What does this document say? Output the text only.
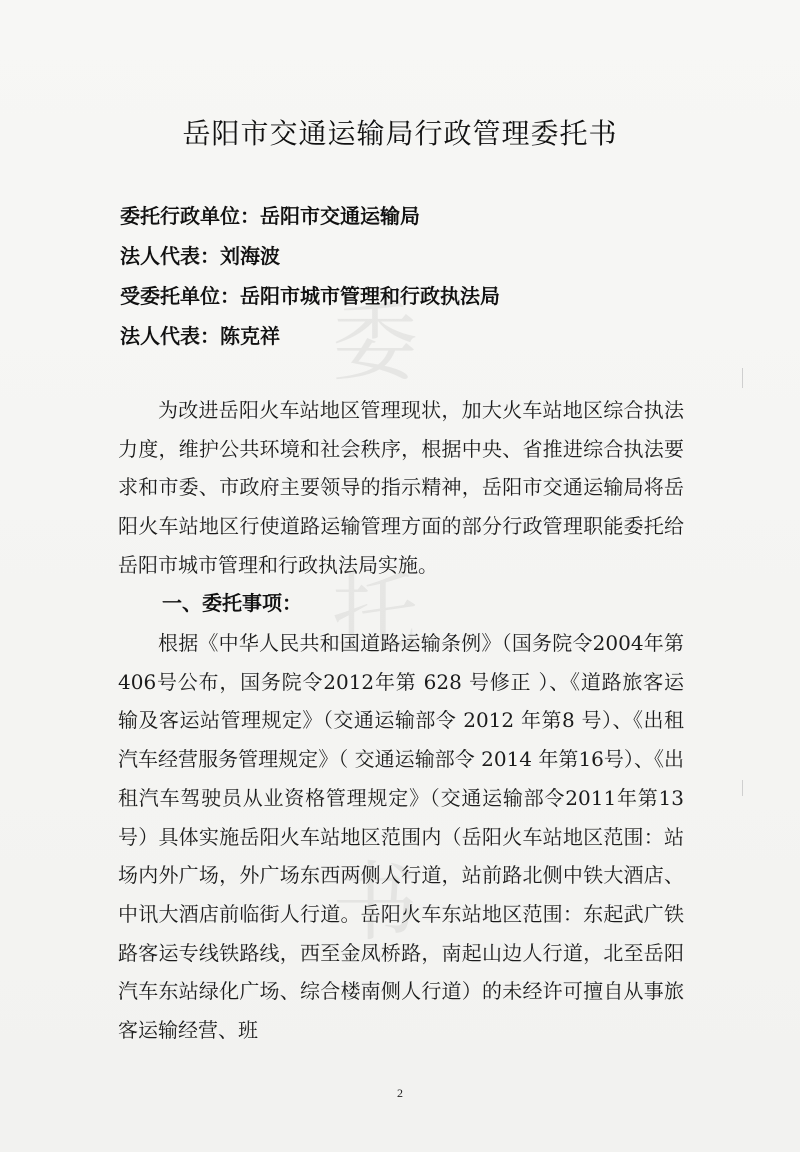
委
托
书
岳阳市交通运输局行政管理委托书
委托行政单位：岳阳市交通运输局
法人代表：刘海波
受委托单位：岳阳市城市管理和行政执法局
法人代表：陈克祥

为改进岳阳火车站地区管理现状，加大火车站地区综合执法力度，维护公共环境和社会秩序，根据中央、省推进综合执法要求和市委、市政府主要领导的指示精神，岳阳市交通运输局将岳阳火车站地区行使道路运输管理方面的部分行政管理职能委托给岳阳市城市管理和行政执法局实施。

一、委托事项：

根据《中华人民共和国道路运输条例》（国务院令2004年第406号公布，国务院令2012年第 628 号修正 ）、《道路旅客运输及客运站管理规定》（交通运输部令 2012 年第8 号）、《出租汽车经营服务管理规定》（ 交通运输部令 2014 年第16号）、《出租汽车驾驶员从业资格管理规定》（交通运输部令2011年第13号）具体实施岳阳火车站地区范围内（岳阳火车站地区范围：站场内外广场，外广场东西两侧人行道，站前路北侧中铁大酒店、中讯大酒店前临街人行道。岳阳火车东站地区范围：东起武广铁路客运专线铁路线，西至金凤桥路，南起山边人行道，北至岳阳汽车东站绿化广场、综合楼南侧人行道）的未经许可擅自从事旅客运输经营、班

2
